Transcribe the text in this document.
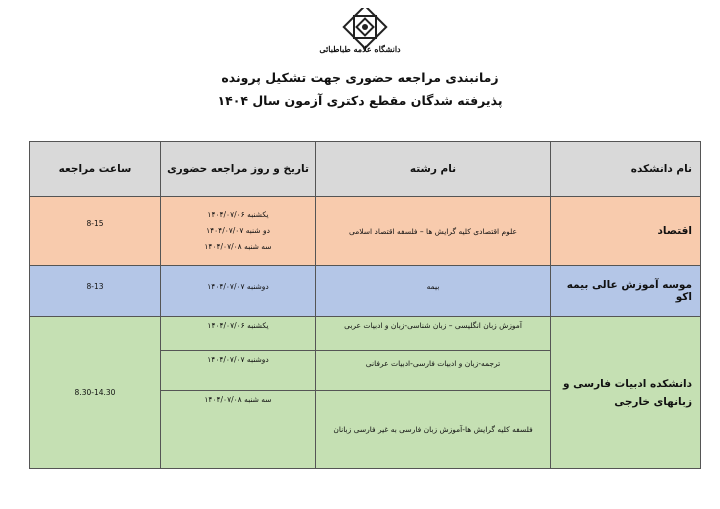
دانشگاه علامه طباطبائی
زمانبندی مراجعه حضوری جهت تشکیل پرونده
پذیرفته شدگان مقطع دکتری آزمون سال ۱۴۰۴
نام دانشکده	نام رشته	تاریخ و روز مراجعه حضوری	ساعت مراجعه
اقتصاد	علوم اقتصادی کلیه گرایش ها – فلسفه اقتصاد اسلامی	یکشنبه ۱۴۰۴/۰۷/۰۶
دو شنبه ۱۴۰۴/۰۷/۰۷
سه شنبه ۱۴۰۴/۰۷/۰۸	8-15
موسه آموزش عالی بیمه اکو	بیمه	دوشنبه ۱۴۰۴/۰۷/۰۷	8-13
دانشکده ادبیات فارسی و زبانهای خارجی	آموزش زبان انگلیسی – زبان شناسی-زبان و ادبیات عربی	یکشنبه ۱۴۰۴/۰۷/۰۶	8.30-14.30
	ترجمه-زبان و ادبیات فارسی-ادبیات عرفانی	دوشنبه ۱۴۰۴/۰۷/۰۷	
	فلسفه کلیه گرایش ها-آموزش زبان فارسی به غیر فارسی زبانان	سه شنبه ۱۴۰۴/۰۷/۰۸	
